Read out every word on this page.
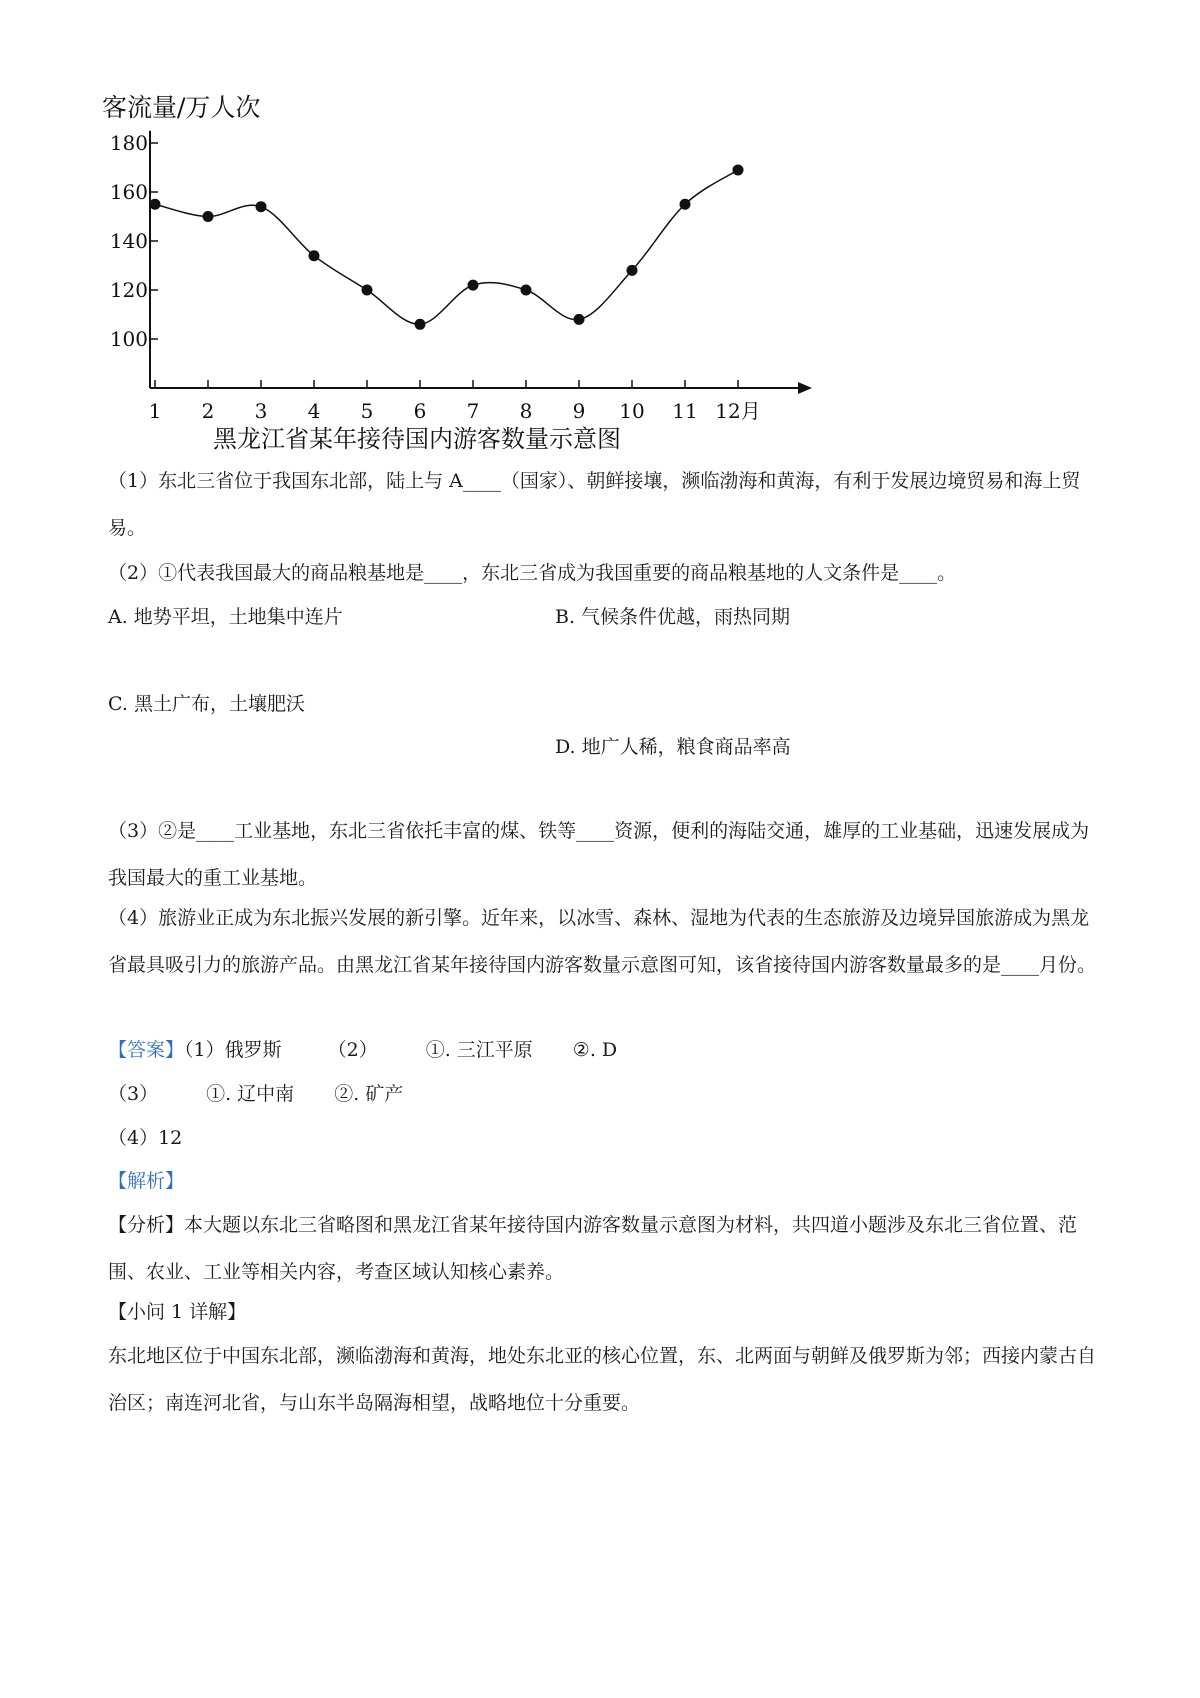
客流量/万人次
100
120
140
160
180
1 2 3 4 5 6 7 8 9 10 11 12月
黑龙江省某年接待国内游客数量示意图

（1）东北三省位于我国东北部，陆上与 A____（国家）、朝鲜接壤，濒临渤海和黄海，有利于发展边境贸易和海上贸易。

（2）①代表我国最大的商品粮基地是____，东北三省成为我国重要的商品粮基地的人文条件是____。

A. 地势平坦，土地集中连片	B. 气候条件优越，雨热同期
C. 黑土广布，土壤肥沃
D. 地广人稀，粮食商品率高

（3）②是____工业基地，东北三省依托丰富的煤、铁等____资源，便利的海陆交通，雄厚的工业基础，迅速发展成为我国最大的重工业基地。

（4）旅游业正成为东北振兴发展的新引擎。近年来，以冰雪、森林、湿地为代表的生态旅游及边境异国旅游成为黑龙省最具吸引力的旅游产品。由黑龙江省某年接待国内游客数量示意图可知，该省接待国内游客数量最多的是____月份。

【答案】（1）俄罗斯 （2）	①. 三江平原 ②. D
（3）	①. 辽中南 ②. 矿产
（4）12
【解析】

【分析】本大题以东北三省略图和黑龙江省某年接待国内游客数量示意图为材料，共四道小题涉及东北三省位置、范围、农业、工业等相关内容，考查区域认知核心素养。

【小问 1 详解】

东北地区位于中国东北部，濒临渤海和黄海，地处东北亚的核心位置，东、北两面与朝鲜及俄罗斯为邻；西接内蒙古自治区；南连河北省，与山东半岛隔海相望，战略地位十分重要。
